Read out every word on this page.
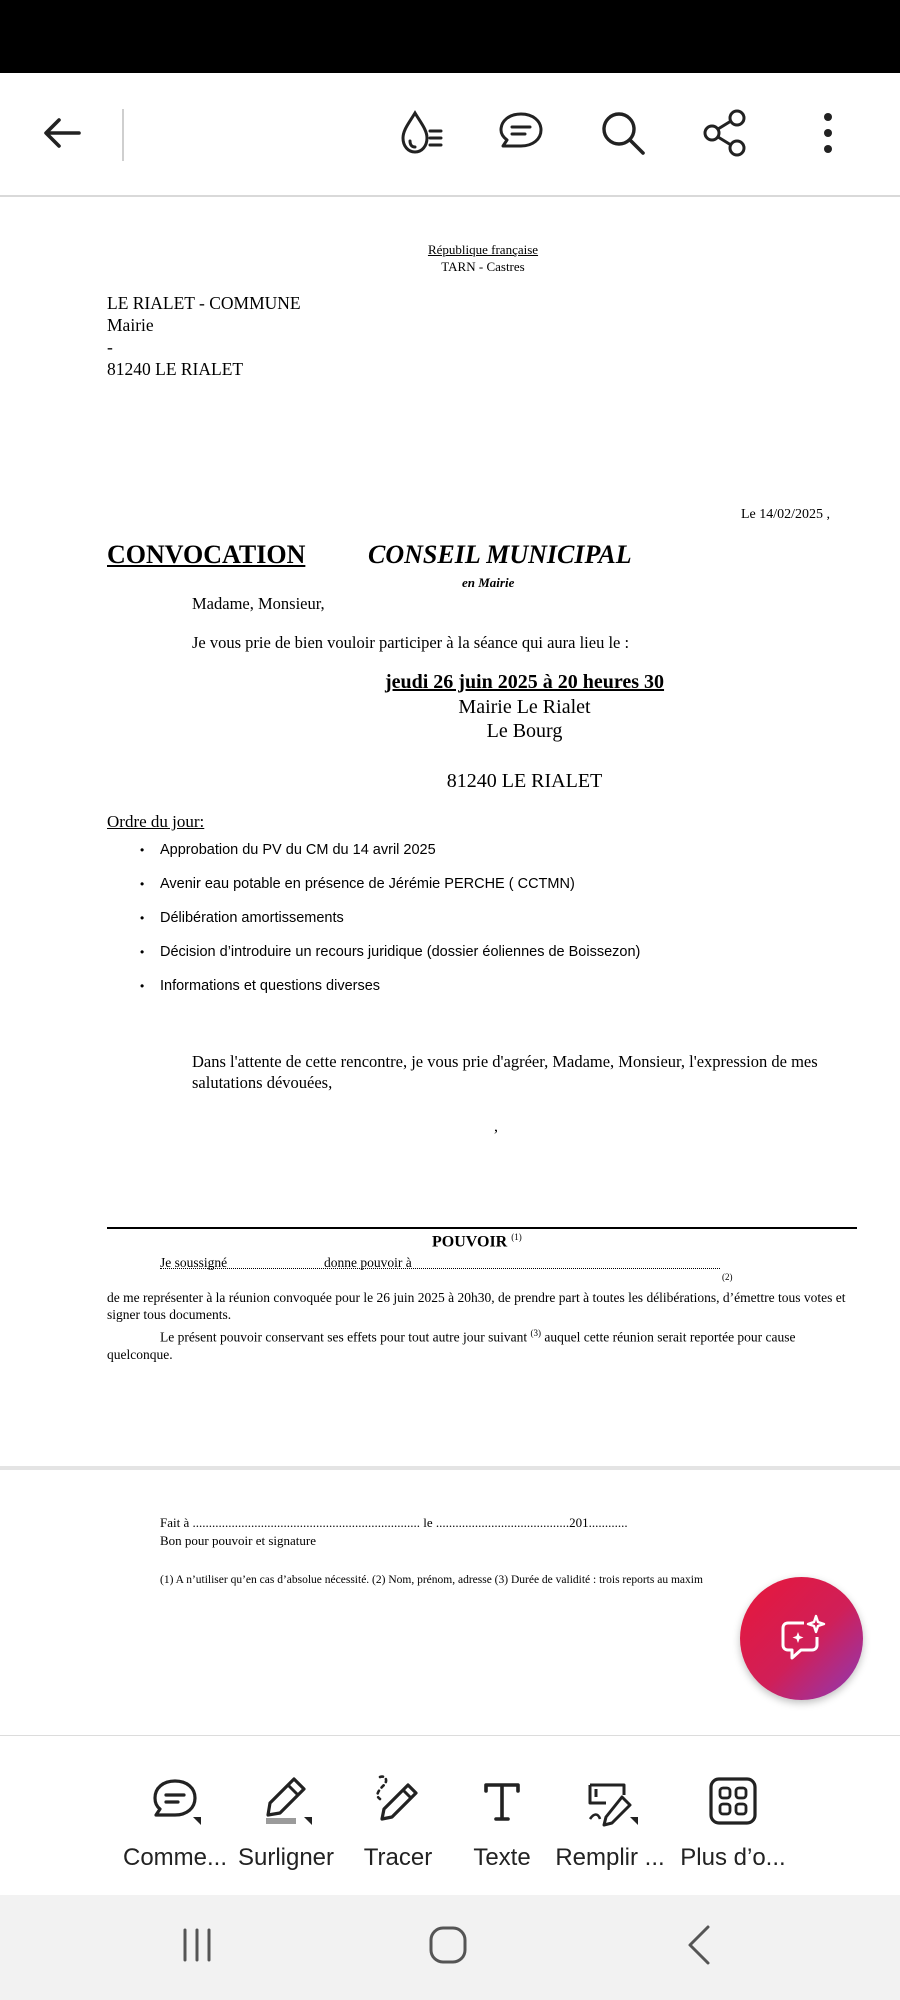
République française
TARN - Castres
LE RIALET - COMMUNE
Mairie
-
81240 LE RIALET
Le 14/02/2025 ,
CONVOCATION CONSEIL MUNICIPAL
en Mairie
Madame, Monsieur,
Je vous prie de bien vouloir participer à la séance qui aura lieu le :
jeudi 26 juin 2025 à 20 heures 30
Mairie Le Rialet
Le Bourg
81240 LE RIALET
Ordre du jour:
• Approbation du PV du CM du 14 avril 2025
• Avenir eau potable en présence de Jérémie PERCHE ( CCTMN)
• Délibération amortissements
• Décision d’introduire un recours juridique (dossier éoliennes de Boissezon)
• Informations et questions diverses
Dans l'attente de cette rencontre, je vous prie d'agréer, Madame, Monsieur, l'expression de mes salutations dévouées,
,
POUVOIR $^{(1)}$
Je soussigné	donne pouvoir à
(2)
de me représenter à la réunion convoquée pour le 26 juin 2025 à 20h30, de prendre part à toutes les délibérations, d’émettre tous votes et signer tous documents.
Le présent pouvoir conservant ses effets pour tout autre jour suivant $^{(3)}$ auquel cette réunion serait reportée pour cause quelconque.
Fait à ...................................................................... le .........................................201............
Bon pour pouvoir et signature
(1) A n’utiliser qu’en cas d’absolue nécessité. (2) Nom, prénom, adresse (3) Durée de validité : trois reports au maxim
Comme... Surligner	Tracer	Texte	Remplir ... Plus d’o...
